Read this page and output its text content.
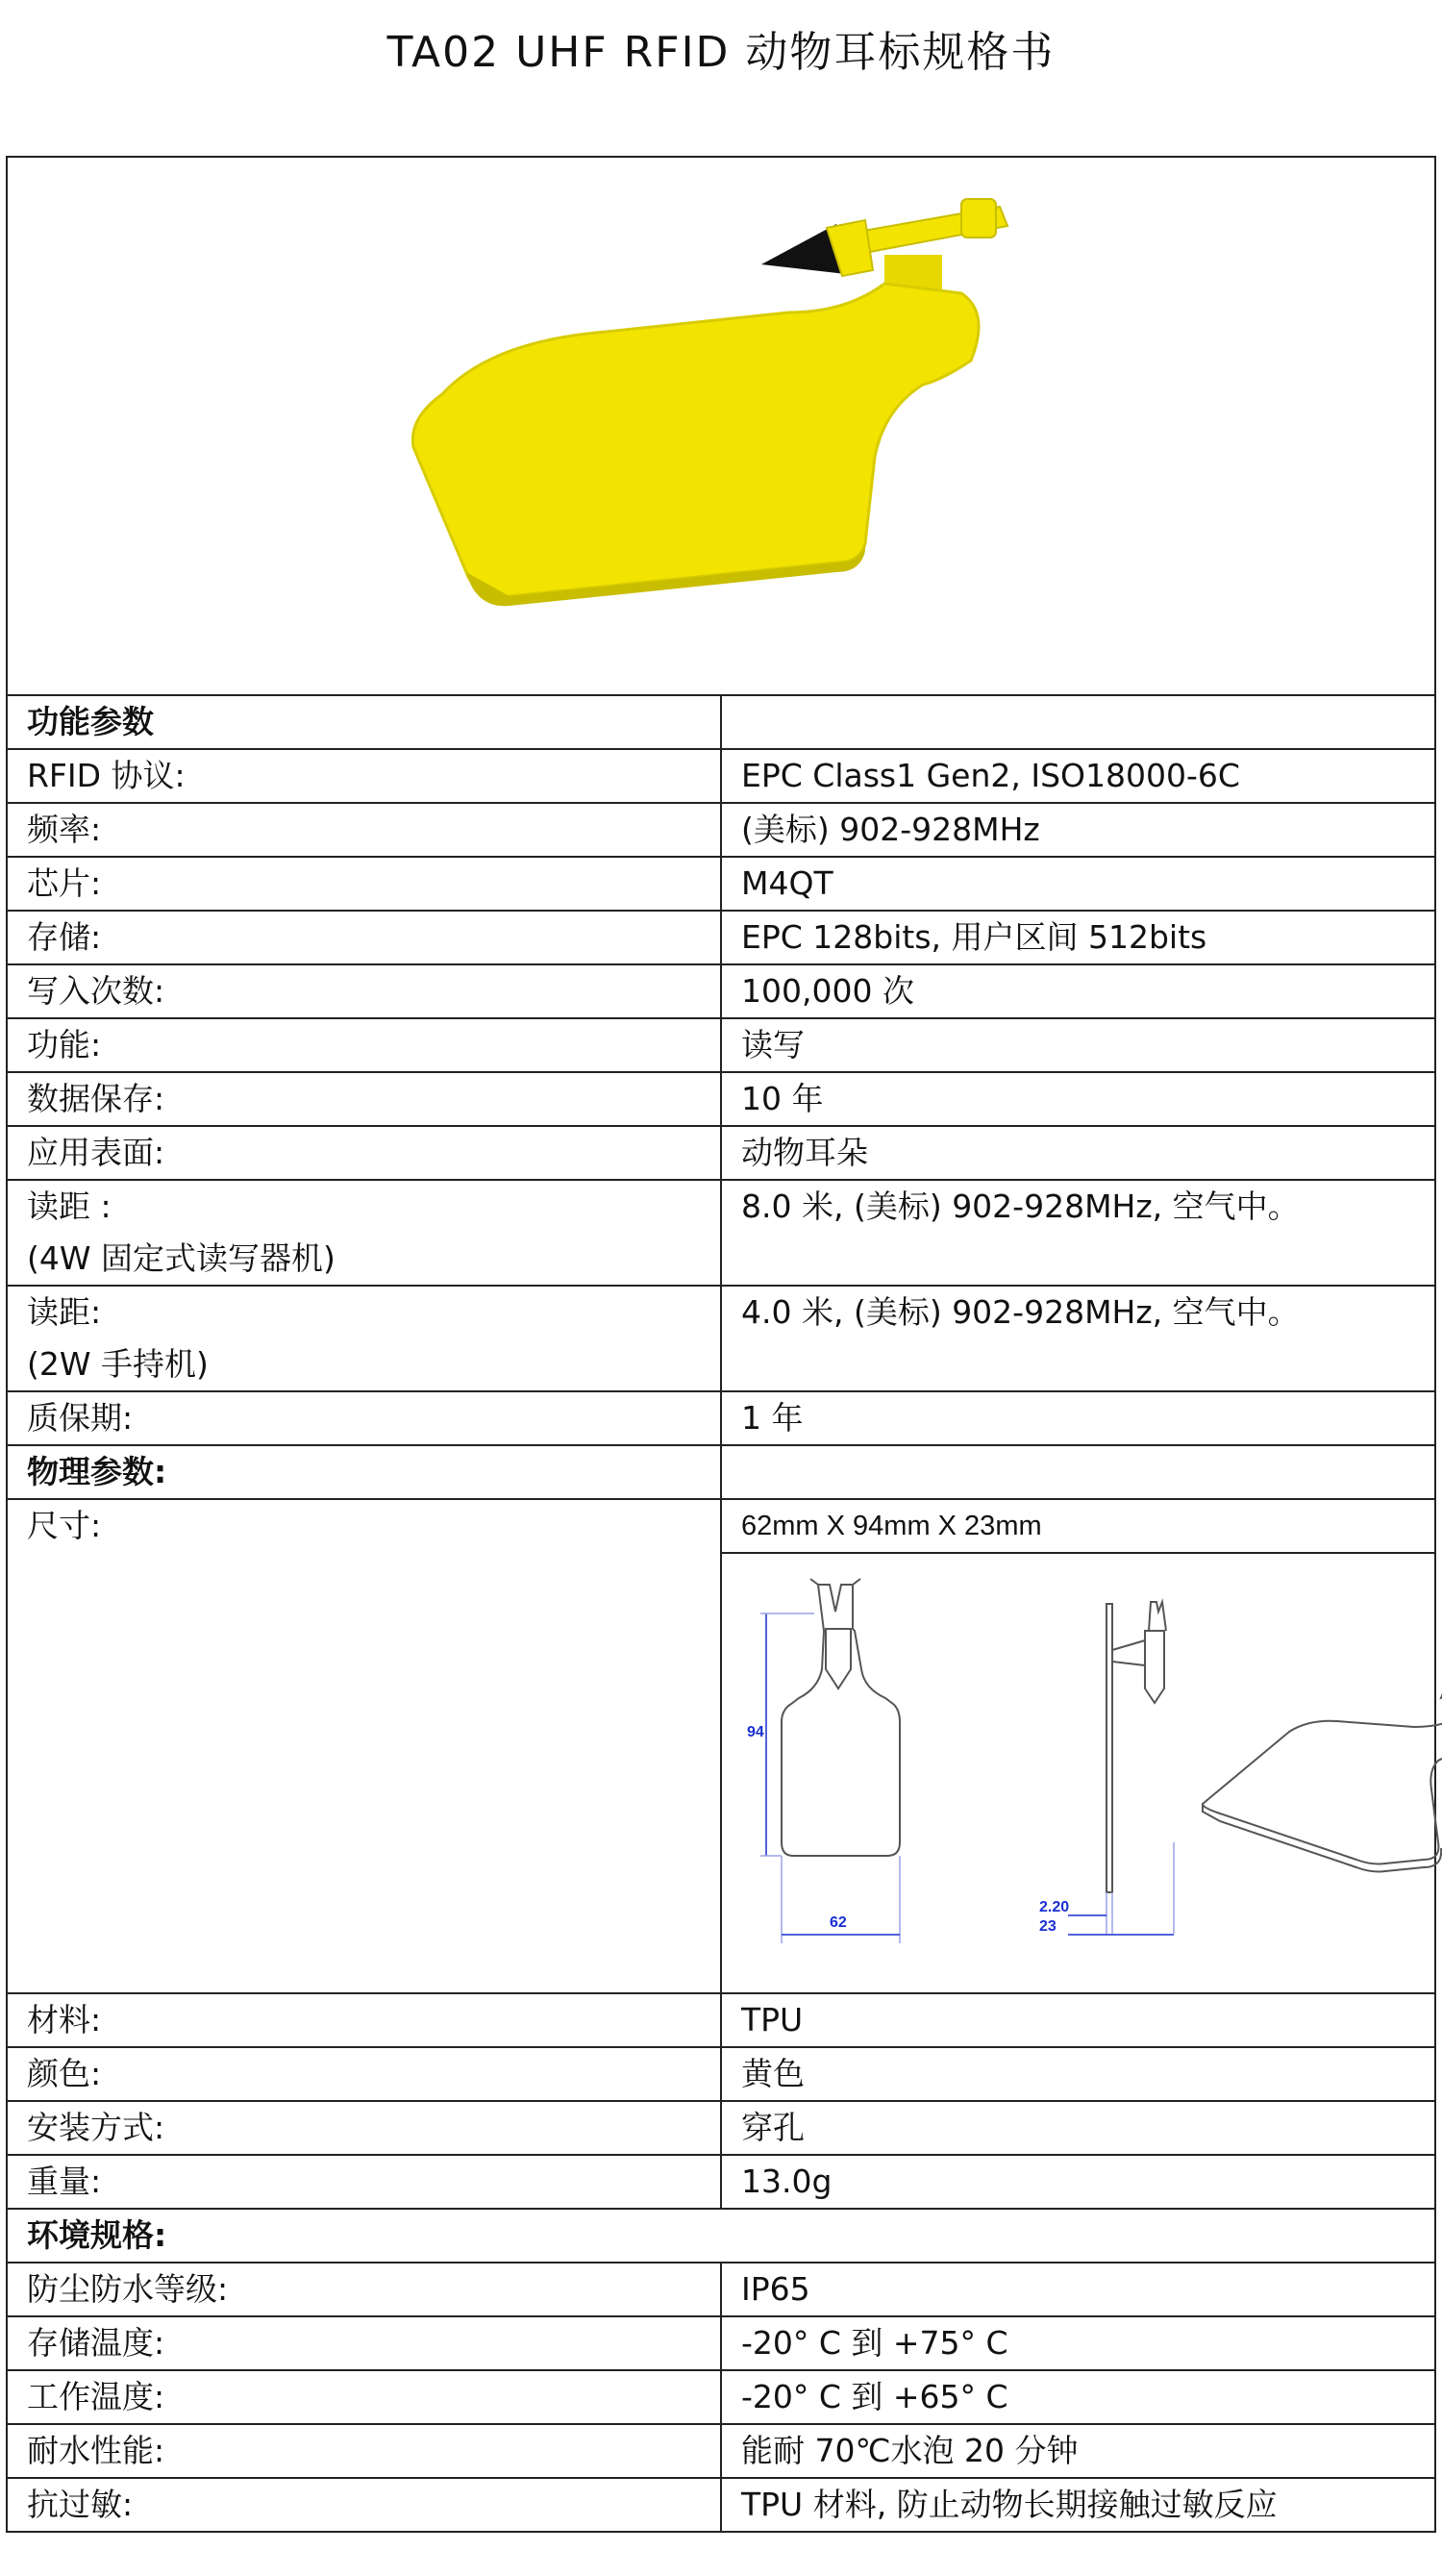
TA02 UHF RFID 动物耳标规格书

功能参数	
RFID 协议:	EPC Class1 Gen2, ISO18000-6C
频率:	(美标) 902-928MHz
芯片:	M4QT
存储:	EPC 128bits, 用户区间 512bits
写入次数:	100,000 次
功能:	读写
数据保存:	10 年
应用表面:	动物耳朵

读距 :
(4W 固定式读写器机)	8.0 米, (美标) 902-928MHz, 空气中。

读距:
(2W 手持机)	4.0 米, (美标) 902-928MHz, 空气中。
质保期:	1 年
物理参数:	
尺寸:	62mm X 94mm X 23mm

94
62
2.20
23

材料:	TPU
颜色:	黄色
安装方式:	穿孔
重量:	13.0g
环境规格:	
防尘防水等级:	IP65
存储温度:	-20° C 到 +75° C
工作温度:	-20° C 到 +65° C
耐水性能:	能耐 70℃水泡 20 分钟
抗过敏:	TPU 材料, 防止动物长期接触过敏反应
